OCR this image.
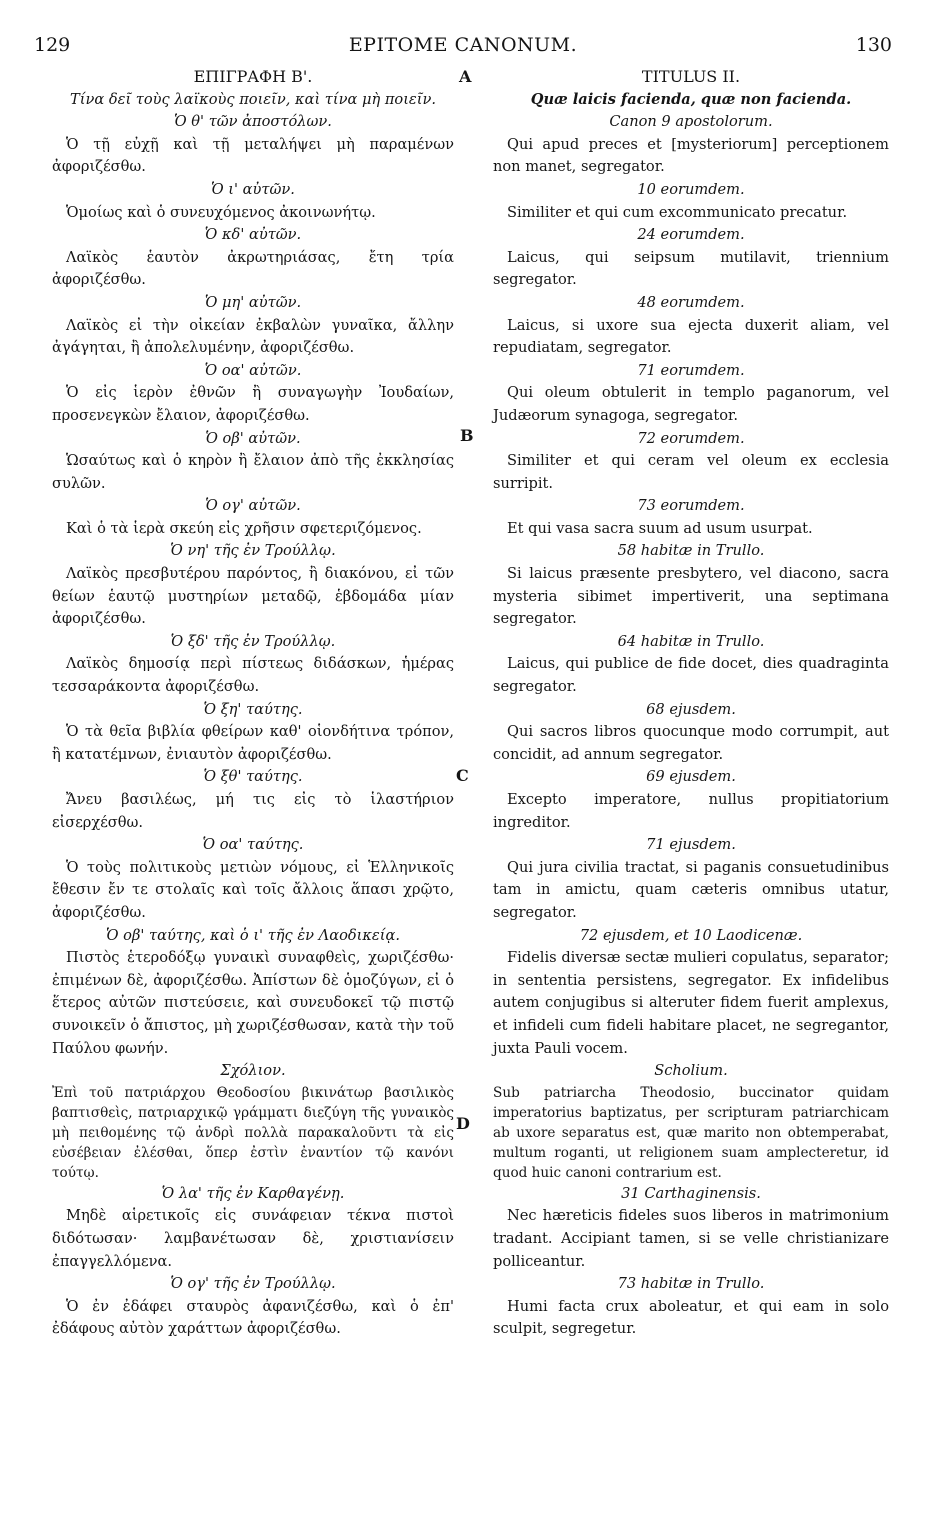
129	EPITOME CANONUM.	130

ΕΠΙΓΡΑΦΗ Β'.

Τίνα δεῖ τοὺς λαϊκοὺς ποιεῖν, καὶ τίνα μὴ ποιεῖν.

Ὁ θ' τῶν ἀποστόλων.

Ὁ τῇ εὐχῇ καὶ τῇ μεταλήψει μὴ παραμένων ἀφοριζέσθω.

Ὁ ι' αὐτῶν.

Ὁμοίως καὶ ὁ συνευχόμενος ἀκοινωνήτῳ.

Ὁ κδ' αὐτῶν.

Λαϊκὸς ἑαυτὸν ἀκρωτηριάσας, ἔτη τρία ἀφοριζέσθω.

Ὁ μη' αὐτῶν.

Λαϊκὸς εἰ τὴν οἰκείαν ἐκβαλὼν γυναῖκα, ἄλλην ἀγάγηται, ἢ ἀπολελυμένην, ἀφοριζέσθω.

Ὁ οα' αὐτῶν.

Ὁ εἰς ἱερὸν ἐθνῶν ἢ συναγωγὴν Ἰουδαίων, προσενεγκὼν ἔλαιον, ἀφοριζέσθω.

Ὁ οβ' αὐτῶν.

Ὡσαύτως καὶ ὁ κηρὸν ἢ ἔλαιον ἀπὸ τῆς ἐκκλησίας συλῶν.

Ὁ ογ' αὐτῶν.

Καὶ ὁ τὰ ἱερὰ σκεύη εἰς χρῆσιν σφετεριζόμενος.

Ὁ νη' τῆς ἐν Τρούλλῳ.

Λαϊκὸς πρεσβυτέρου παρόντος, ἢ διακόνου, εἰ τῶν θείων ἑαυτῷ μυστηρίων μεταδῷ, ἑβδομάδα μίαν ἀφοριζέσθω.

Ὁ ξδ' τῆς ἐν Τρούλλῳ.

Λαϊκὸς δημοσίᾳ περὶ πίστεως διδάσκων, ἡμέρας τεσσαράκοντα ἀφοριζέσθω.

Ὁ ξη' ταύτης.

Ὁ τὰ θεῖα βιβλία φθείρων καθ' οἱονδήτινα τρόπον, ἢ κατατέμνων, ἐνιαυτὸν ἀφοριζέσθω.

Ὁ ξθ' ταύτης.

Ἄνευ βασιλέως, μή τις εἰς τὸ ἱλαστήριον εἰσερχέσθω.

Ὁ οα' ταύτης.

Ὁ τοὺς πολιτικοὺς μετιὼν νόμους, εἰ Ἑλληνικοῖς ἔθεσιν ἔν τε στολαῖς καὶ τοῖς ἄλλοις ἅπασι χρῷτο, ἀφοριζέσθω.

Ὁ οβ' ταύτης, καὶ ὁ ι' τῆς ἐν Λαοδικείᾳ.

Πιστὸς ἑτεροδόξῳ γυναικὶ συναφθεὶς, χωριζέσθω· ἐπιμένων δὲ, ἀφοριζέσθω. Ἀπίστων δὲ ὁμοζύγων, εἰ ὁ ἕτερος αὐτῶν πιστεύσειε, καὶ συνευδοκεῖ τῷ πιστῷ συνοικεῖν ὁ ἄπιστος, μὴ χωριζέσθωσαν, κατὰ τὴν τοῦ Παύλου φωνήν.

Σχόλιον.

Ἐπὶ τοῦ πατριάρχου Θεοδοσίου βικινάτωρ βασιλικὸς βαπτισθεὶς, πατριαρχικῷ γράμματι διεζύγη τῆς γυναικὸς μὴ πειθομένης τῷ ἀνδρὶ πολλὰ παρακαλοῦντι τὰ εἰς εὐσέβειαν ἐλέσθαι, ὅπερ ἐστὶν ἐναντίον τῷ κανόνι τούτῳ.

Ὁ λα' τῆς ἐν Καρθαγένῃ.

Μηδὲ αἱρετικοῖς εἰς συνάφειαν τέκνα πιστοὶ διδότωσαν· λαμβανέτωσαν δὲ, χριστιανίσειν ἐπαγγελλόμενα.

Ὁ ογ' τῆς ἐν Τρούλλῳ.

Ὁ ἐν ἐδάφει σταυρὸς ἀφανιζέσθω, καὶ ὁ ἐπ' ἐδάφους αὐτὸν χαράττων ἀφοριζέσθω.

TITULUS II.

Quæ laicis facienda, quæ non facienda.

Canon 9 apostolorum.

Qui apud preces et [mysteriorum] perceptionem non manet, segregator.

10 eorumdem.

Similiter et qui cum excommunicato precatur.

24 eorumdem.

Laicus, qui seipsum mutilavit, triennium segregator.

48 eorumdem.

Laicus, si uxore sua ejecta duxerit aliam, vel repudiatam, segregator.

71 eorumdem.

Qui oleum obtulerit in templo paganorum, vel Judæorum synagoga, segregator.

72 eorumdem.

Similiter et qui ceram vel oleum ex ecclesia surripit.

73 eorumdem.

Et qui vasa sacra suum ad usum usurpat.

58 habitæ in Trullo.

Si laicus præsente presbytero, vel diacono, sacra mysteria sibimet impertiverit, una septimana segregator.

64 habitæ in Trullo.

Laicus, qui publice de fide docet, dies quadraginta segregator.

68 ejusdem.

Qui sacros libros quocunque modo corrumpit, aut concidit, ad annum segregator.

69 ejusdem.

Excepto imperatore, nullus propitiatorium ingreditor.

71 ejusdem.

Qui jura civilia tractat, si paganis consuetudinibus tam in amictu, quam cæteris omnibus utatur, segregator.

72 ejusdem, et 10 Laodicenæ.

Fidelis diversæ sectæ mulieri copulatus, separator; in sententia persistens, segregator. Ex infidelibus autem conjugibus si alteruter fidem fuerit amplexus, et infideli cum fideli habitare placet, ne segregantor, juxta Pauli vocem.

Scholium.

Sub patriarcha Theodosio, buccinator quidam imperatorius baptizatus, per scripturam patriarchicam ab uxore separatus est, quæ marito non obtemperabat, multum roganti, ut religionem suam amplecteretur, id quod huic canoni contrarium est.

31 Carthaginensis.

Nec hæreticis fideles suos liberos in matrimonium tradant. Accipiant tamen, si se velle christianizare polliceantur.

73 habitæ in Trullo.

Humi facta crux aboleatur, et qui eam in solo sculpit, segregetur.

A
B
C
D
